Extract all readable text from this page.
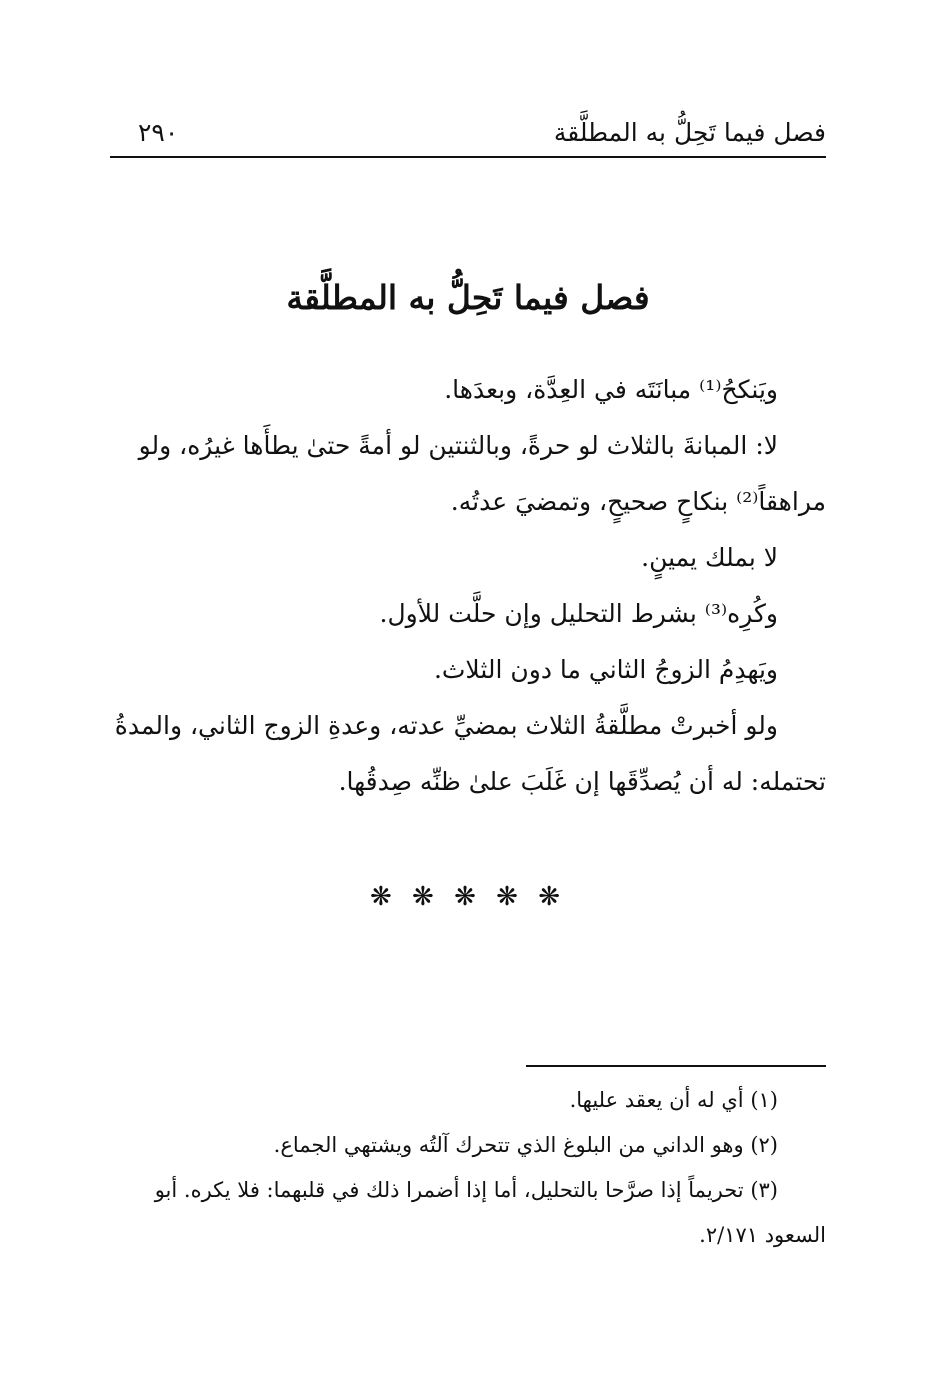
فصل فيما تَحِلُّ به المطلَّقة
٢٩٠
فصل فيما تَحِلُّ به المطلَّقة

ويَنكحُ⁽¹⁾ مبانَتَه في العِدَّة، وبعدَها.

لا: المبانةَ بالثلاث لو حرةً، وبالثنتين لو أمةً حتىٰ يطأَها غيرُه، ولو

مراهقاً⁽²⁾ بنكاحٍ صحيحٍ، وتمضيَ عدتُه.

لا بملك يمينٍ.

وكُرِه⁽³⁾ بشرط التحليل وإن حلَّت للأول.

ويَهدِمُ الزوجُ الثاني ما دون الثلاث.

ولو أخبرتْ مطلَّقةُ الثلاث بمضيِّ عدته، وعدةِ الزوج الثاني، والمدةُ

تحتمله: له أن يُصدِّقَها إن غَلَبَ علىٰ ظنِّه صِدقُها.

❋ ❋ ❋ ❋ ❋

(١) أي له أن يعقد عليها.

(٢) وهو الداني من البلوغ الذي تتحرك آلتُه ويشتهي الجماع.

(٣) تحريماً إذا صرَّحا بالتحليل، أما إذا أضمرا ذلك في قلبهما: فلا يكره. أبو

السعود ٢/١٧١.
